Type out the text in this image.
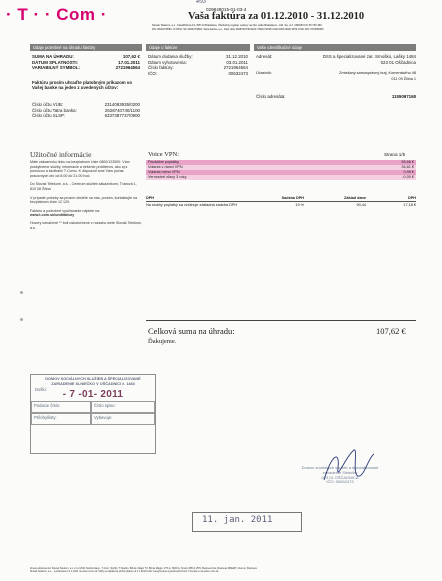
· T · · Com ·
4/93
029848015-01-03-4
Vaša faktúra za 01.12.2010 - 31.12.2010
Slovak Telekom, a.s., Karadžičova 10, 825 13 Bratislava, Obchodný register vedený na Okr. súde Bratislava I, odd. Sa, vl.č. 2081/B IČO 35 763 469
DIČ 2020273893, IČ DPH: SK 2020273893, Tatra banka, a.s., číslo účtu 2628740740/1100 / IBAN SK05 1100 0000 0026 2874 0740, BIC TATRSKBX
Údaje potrebné na úhradu faktúry
SUMA NA ÚHRADU:	107,62 €
DÁTUM SPLATNOSTI:	17.01.2011
VARIABILNÝ SYMBOL:	2721964564
Faktúru prosím uhraďte platobným príkazom vo Vašej banke na jeden z uvedených účtov:
Číslo účtu VÚB:	2314093935/0200
Číslo účtu Tatra banka:	2628740740/1100
Číslo účtu SLSP:	6337387737/0900
Údaje o faktúre
Dátum dodania služby:	31.12.2010
Dátum vyhotovenia:	03.01.2011
Číslo faktúry:	2721964564
IČO:	00632473
Vaše identifikačné údaje
Adresát:	DSS a špecializované zar. Srnoško, Lašky 1484
023 01 Oščadnica
Účastník:	Zmiešaný samosprávny kraj, Komenského 48
011 09 Žilina 1
Číslo adresáta:	1155097168
Užitočné informácie
Máte zákaznícku linku na bezplatnom čísle 0800/123500. Vám poskytneme služby, informácie a riešenie problémov, ako aj s pomocou a službami T-Comu. K dispozícii sme Vám počas pracovných dní od 8.00 do 21.00 hod.
Do Slovak Telekom, a.s. - Centrum služieb zákazníkom, Tvárová 1, 810 08 Žilina
V prípade potreby sa prosím obráťte na nás, prosím, kontaktujte na bezplatnom čísle 12 129.
Faktúru a podrobné vyúčtovanie nájdete na:
www.t-com.sk/sextfaktury
Hovory označené ** boli uskutočnené v rozsahu siete Slovak Telekom, a.s.
Voice VPN:	Strana 1/5
Paušálne poplatky	55,66 €
Volania v rámci VPN	34,61 €
Volania mimo VPN	0,95 €
Vernostné zľavy 3 roky	-0,00 €
DPH	Sadzba DPH	Základ dane	DPH
Na služby poplatky sa vzťahuje základná sadzba DPH	19 %	90,44	17,18 €
Celková suma na úhradu:	107,62 €
Ďakujeme.
DOMOV SOCIÁLNYCH SLUŽIEB A ŠPECIALIZOVANÉ
ZARIADENIE SLNIEČKO V OŠČADNICI č. 1484
Došlo:	- 7 -01- 2011
Podacie číslo:	Číslo spisu:
Prílohy/listy:	Vybavuje:
Domov sociálnych služieb a špecializované
zariadenie Slniečko
023 01 OŠČADNICA
IČO: 00632473
11. jan. 2011
Zmena dokumentov Slovak Telekom, a.s. k 1.2.2011 Telefón Easy - T-Com, Služby: T-Telefón, Biznis, Magio TV, Biznis Magio, VTS A, ISDN A, Smart, MPLS VPN, Business Net, Business DiMaRT, Internet, Business
Slovak Telekom, a.s. - vyúčtovanie k 1.1.2011 na www.t-com.sk. Tarify a poplatkové služby platné od 1.1.2011 budú zverejňované aj prostredníctvom T-Centier a na www.t-com.sk.
